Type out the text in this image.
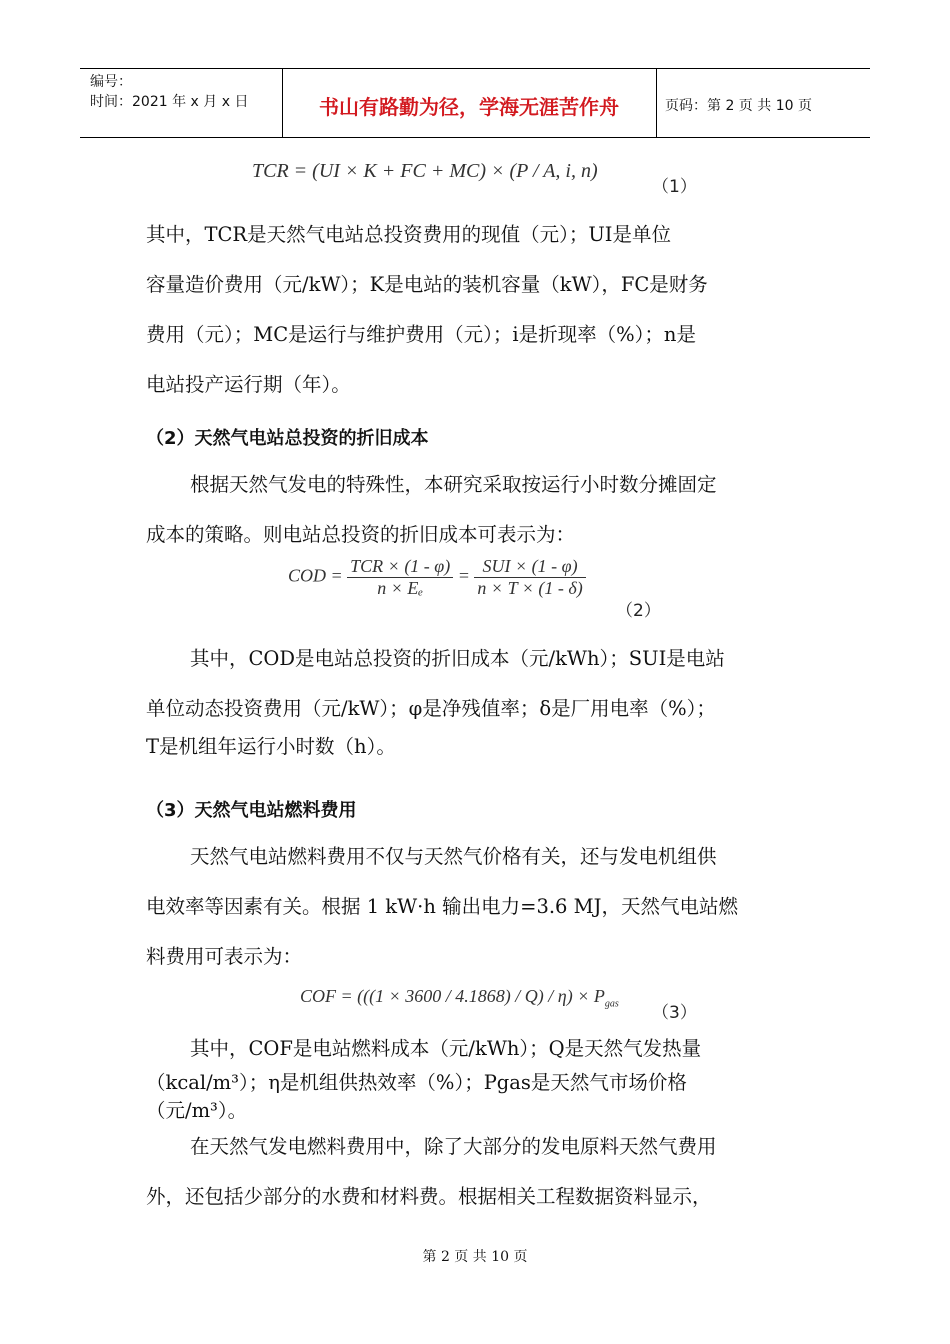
编号：
时间：2021 年 x 月 x 日	书山有路勤为径，学海无涯苦作舟	页码：第 2 页 共 10 页
TCR = (UI × K + FC + MC) × (P / A, i, n)
（1）
其中，TCR是天然气电站总投资费用的现值（元）；UI是单位
容量造价费用（元/kW）；K是电站的装机容量（kW），FC是财务
费用（元）；MC是运行与维护费用（元）；i是折现率（%）；n是
电站投产运行期（年）。
（2）天然气电站总投资的折旧成本
根据天然气发电的特殊性，本研究采取按运行小时数分摊固定
成本的策略。则电站总投资的折旧成本可表示为：
COD = $\frac{\text{TCR × (1 - φ)}}{\text{n × Eₑ}} = \frac{\text{SUI × (1 - φ)}}{n \times T \times (1 - \delta)}$
（2）
其中，COD是电站总投资的折旧成本（元/kWh）；SUI是电站
单位动态投资费用（元/kW）；φ是净残值率；δ是厂用电率（%）；
T是机组年运行小时数（h）。
（3）天然气电站燃料费用
天然气电站燃料费用不仅与天然气价格有关，还与发电机组供
电效率等因素有关。根据 1 kW·h 输出电力=3.6 MJ，天然气电站燃
料费用可表示为：
COF = $(((1 \times 3600 / 4.1868) / Q) / \eta) \times P_{gas}$ （3）
其中，COF是电站燃料成本（元/kWh）；Q是天然气发热量
（kcal/m³）；η是机组供热效率（%）；Pgas是天然气市场价格
（元/m³）。
在天然气发电燃料费用中，除了大部分的发电原料天然气费用
外，还包括少部分的水费和材料费。根据相关工程数据资料显示，
第 2 页 共 10 页
